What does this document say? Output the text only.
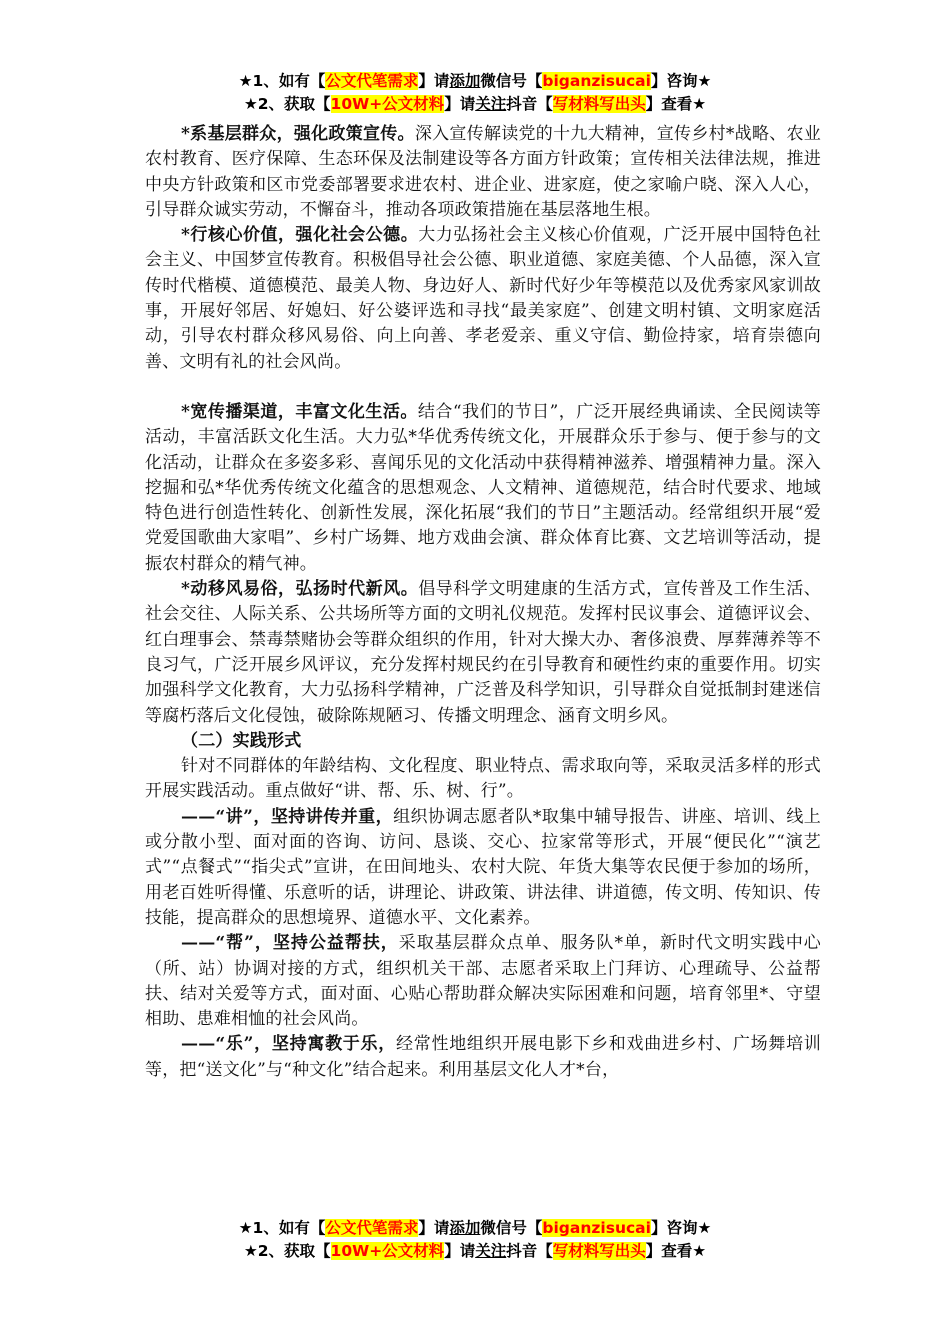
★1、如有【公文代笔需求】请添加微信号【biganzisucai】咨询★
★2、获取【10W+公文材料】请关注抖音【写材料写出头】查看★

*系基层群众，强化政策宣传。深入宣传解读党的十九大精神，宣传乡村*战略、农业农村教育、医疗保障、生态环保及法制建设等各方面方针政策；宣传相关法律法规，推进中央方针政策和区市党委部署要求进农村、进企业、进家庭，使之家喻户晓、深入人心，引导群众诚实劳动，不懈奋斗，推动各项政策措施在基层落地生根。

*行核心价值，强化社会公德。大力弘扬社会主义核心价值观，广泛开展中国特色社会主义、中国梦宣传教育。积极倡导社会公德、职业道德、家庭美德、个人品德，深入宣传时代楷模、道德模范、最美人物、身边好人、新时代好少年等模范以及优秀家风家训故事，开展好邻居、好媳妇、好公婆评选和寻找“最美家庭”、创建文明村镇、文明家庭活动，引导农村群众移风易俗、向上向善、孝老爱亲、重义守信、勤俭持家，培育崇德向善、文明有礼的社会风尚。

*宽传播渠道，丰富文化生活。结合“我们的节日”，广泛开展经典诵读、全民阅读等活动，丰富活跃文化生活。大力弘*华优秀传统文化，开展群众乐于参与、便于参与的文化活动，让群众在多姿多彩、喜闻乐见的文化活动中获得精神滋养、增强精神力量。深入挖掘和弘*华优秀传统文化蕴含的思想观念、人文精神、道德规范，结合时代要求、地域特色进行创造性转化、创新性发展，深化拓展“我们的节日”主题活动。经常组织开展“爱党爱国歌曲大家唱”、乡村广场舞、地方戏曲会演、群众体育比赛、文艺培训等活动，提振农村群众的精气神。

*动移风易俗，弘扬时代新风。倡导科学文明建康的生活方式，宣传普及工作生活、社会交往、人际关系、公共场所等方面的文明礼仪规范。发挥村民议事会、道德评议会、红白理事会、禁毒禁赌协会等群众组织的作用，针对大操大办、奢侈浪费、厚葬薄养等不良习气，广泛开展乡风评议，充分发挥村规民约在引导教育和硬性约束的重要作用。切实加强科学文化教育，大力弘扬科学精神，广泛普及科学知识，引导群众自觉抵制封建迷信等腐朽落后文化侵蚀，破除陈规陋习、传播文明理念、涵育文明乡风。

（二）实践形式

针对不同群体的年龄结构、文化程度、职业特点、需求取向等，采取灵活多样的形式开展实践活动。重点做好“讲、帮、乐、树、行”。

——“讲”，坚持讲传并重，组织协调志愿者队*取集中辅导报告、讲座、培训、线上或分散小型、面对面的咨询、访问、恳谈、交心、拉家常等形式，开展“便民化”“演艺式”“点餐式”“指尖式”宣讲，在田间地头、农村大院、年货大集等农民便于参加的场所，用老百姓听得懂、乐意听的话，讲理论、讲政策、讲法律、讲道德，传文明、传知识、传技能，提高群众的思想境界、道德水平、文化素养。

——“帮”，坚持公益帮扶，采取基层群众点单、服务队*单，新时代文明实践中心（所、站）协调对接的方式，组织机关干部、志愿者采取上门拜访、心理疏导、公益帮扶、结对关爱等方式，面对面、心贴心帮助群众解决实际困难和问题，培育邻里*、守望相助、患难相恤的社会风尚。

——“乐”，坚持寓教于乐，经常性地组织开展电影下乡和戏曲进乡村、广场舞培训等，把“送文化”与“种文化”结合起来。利用基层文化人才*台，

★1、如有【公文代笔需求】请添加微信号【biganzisucai】咨询★
★2、获取【10W+公文材料】请关注抖音【写材料写出头】查看★
